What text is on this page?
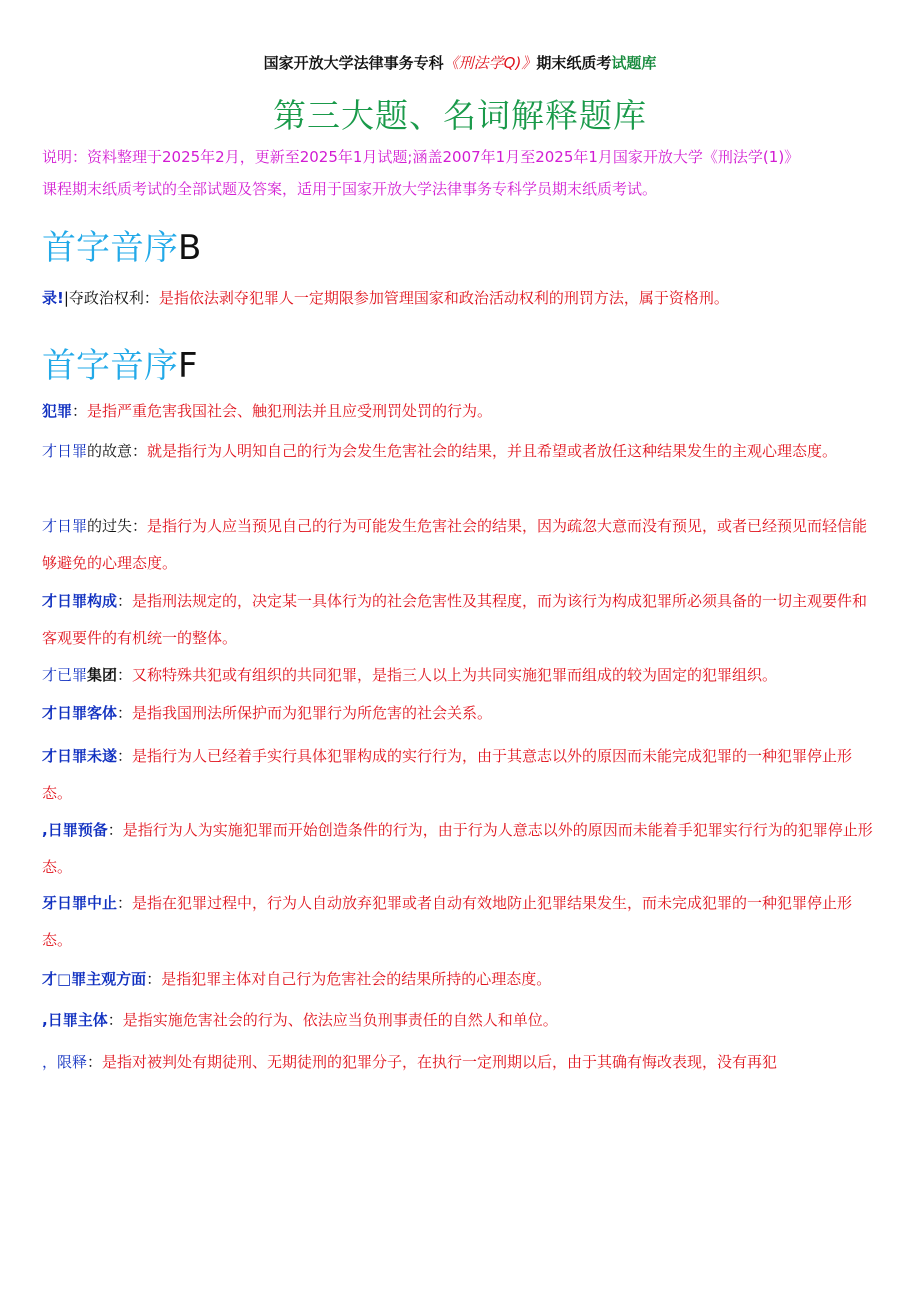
国家开放大学法律事务专科《刑法学Q)》期末纸质考试题库
第三大题、名词解释题库
说明：资料整理于2025年2月，更新至2025年1月试题;涵盖2007年1月至2025年1月国家开放大学《刑法学(1)》
课程期末纸质考试的全部试题及答案，适用于国家开放大学法律事务专科学员期末纸质考试。
首字音序B
录!|夺政治权利：是指依法剥夺犯罪人一定期限参加管理国家和政治活动权利的刑罚方法，属于资格刑。
首字音序F
犯罪：是指严重危害我国社会、触犯刑法并且应受刑罚处罚的行为。
才日罪的故意：就是指行为人明知自己的行为会发生危害社会的结果，并且希望或者放任这种结果发生的主观心理态度。
才日罪的过失：是指行为人应当预见自己的行为可能发生危害社会的结果，因为疏忽大意而没有预见，或者已经预见而轻信能够避免的心理态度。
才日罪构成：是指刑法规定的，决定某一具体行为的社会危害性及其程度，而为该行为构成犯罪所必须具备的一切主观要件和客观要件的有机统一的整体。
才已罪集团：又称特殊共犯或有组织的共同犯罪，是指三人以上为共同实施犯罪而组成的较为固定的犯罪组织。
才日罪客体：是指我国刑法所保护而为犯罪行为所危害的社会关系。
才日罪未遂：是指行为人已经着手实行具体犯罪构成的实行行为，由于其意志以外的原因而未能完成犯罪的一种犯罪停止形态。
,日罪预备：是指行为人为实施犯罪而开始创造条件的行为，由于行为人意志以外的原因而未能着手犯罪实行行为的犯罪停止形态。
牙日罪中止：是指在犯罪过程中，行为人自动放弃犯罪或者自动有效地防止犯罪结果发生，而未完成犯罪的一种犯罪停止形态。
才□罪主观方面：是指犯罪主体对自己行为危害社会的结果所持的心理态度。
,日罪主体：是指实施危害社会的行为、依法应当负刑事责任的自然人和单位。
，限释：是指对被判处有期徒刑、无期徒刑的犯罪分子，在执行一定刑期以后，由于其确有悔改表现，没有再犯
